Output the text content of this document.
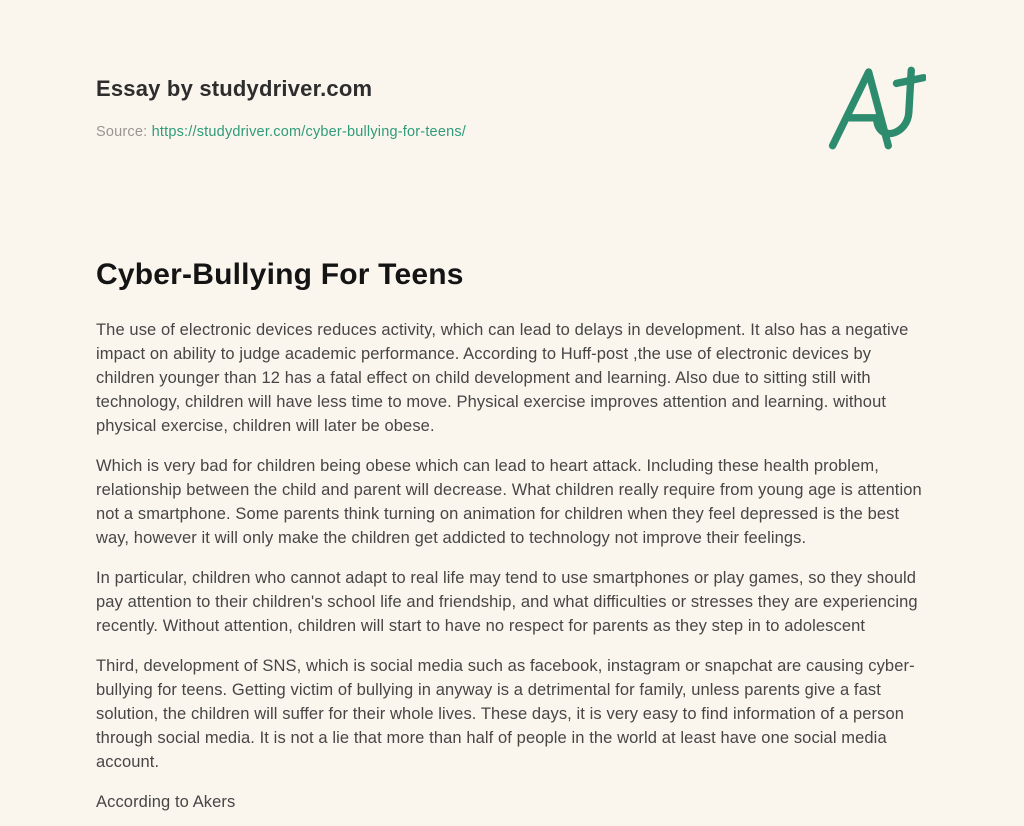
Essay by studydriver.com
Source: https://studydriver.com/cyber-bullying-for-teens/
Cyber-Bullying For Teens

The use of electronic devices reduces activity, which can lead to delays in development. It also has a negative impact on ability to judge academic performance. According to Huff-post ,the use of electronic devices by children younger than 12 has a fatal effect on child development and learning. Also due to sitting still with technology, children will have less time to move. Physical exercise improves attention and learning. without physical exercise, children will later be obese.

Which is very bad for children being obese which can lead to heart attack. Including these health problem, relationship between the child and parent will decrease. What children really require from young age is attention not a smartphone. Some parents think turning on animation for children when they feel depressed is the best way, however it will only make the children get addicted to technology not improve their feelings.

In particular, children who cannot adapt to real life may tend to use smartphones or play games, so they should pay attention to their children's school life and friendship, and what difficulties or stresses they are experiencing recently. Without attention, children will start to have no respect for parents as they step in to adolescent

Third, development of SNS, which is social media such as facebook, instagram or snapchat are causing cyber-bullying for teens. Getting victim of bullying in anyway is a detrimental for family, unless parents give a fast solution, the children will suffer for their whole lives. These days, it is very easy to find information of a person through social media. It is not a lie that more than half of people in the world at least have one social media account.

According to Akers
